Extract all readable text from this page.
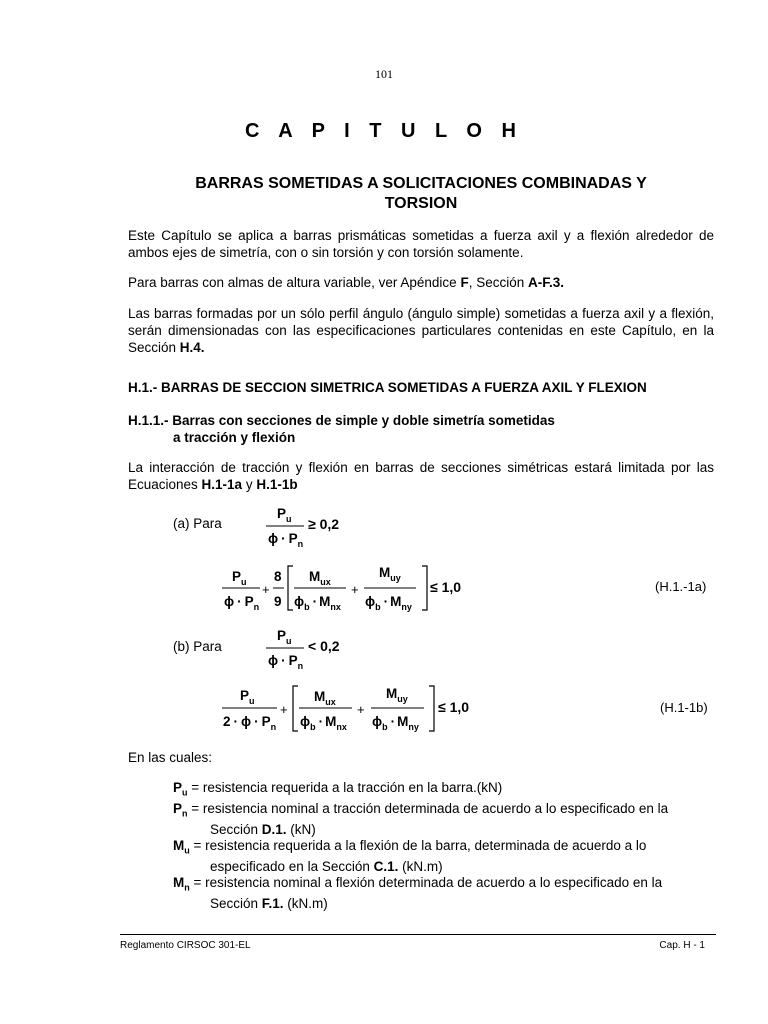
101
C A P I T U L O H
BARRAS SOMETIDAS A SOLICITACIONES COMBINADAS Y
TORSION

Este Capítulo se aplica a barras prismáticas sometidas a fuerza axil y a flexión alrededor de ambos ejes de simetría, con o sin torsión y con torsión solamente.

Para barras con almas de altura variable, ver Apéndice F, Sección A-F.3.

Las barras formadas por un sólo perfil ángulo (ángulo simple) sometidas a fuerza axil y a flexión, serán dimensionadas con las especificaciones particulares contenidas en este Capítulo, en la Sección H.4.

H.1.- BARRAS DE SECCION SIMETRICA SOMETIDAS A FUERZA AXIL Y FLEXION
H.1.1.- Barras con secciones de simple y doble simetría sometidas
a tracción y flexión

La interacción de tracción y flexión en barras de secciones simétricas estará limitada por las Ecuaciones H.1-1a y H.1-1b

(a) Para
$P_u$
$\phi \cdot P_n$
≥ 0,2
$P_u$
$\phi \cdot P_n$
+
8
9
$M_{ux}$
$\phi_b \cdot M_{nx}$
+
$M_{uy}$
$\phi_b \cdot M_{ny}$
≤ 1,0	(H.1.-1a)
(b) Para
$P_u$
$\phi \cdot P_n$
< 0,2
$P_u$
$2 \cdot \phi \cdot P_n$
+
$M_{ux}$
$\phi_b \cdot M_{nx}$
+
$M_{uy}$
$\phi_b \cdot M_{ny}$
≤ 1,0	(H.1-1b)
En las cuales:
$P_u$ = resistencia requerida a la tracción en la barra.(kN)
$P_n$ = resistencia nominal a tracción determinada de acuerdo a lo especificado en la
Sección D.1. (kN)
$M_u$ = resistencia requerida a la flexión de la barra, determinada de acuerdo a lo
especificado en la Sección C.1. (kN.m)
$M_n$ = resistencia nominal a flexión determinada de acuerdo a lo especificado en la
Sección F.1. (kN.m)
Reglamento CIRSOC 301-EL	Cap. H - 1
